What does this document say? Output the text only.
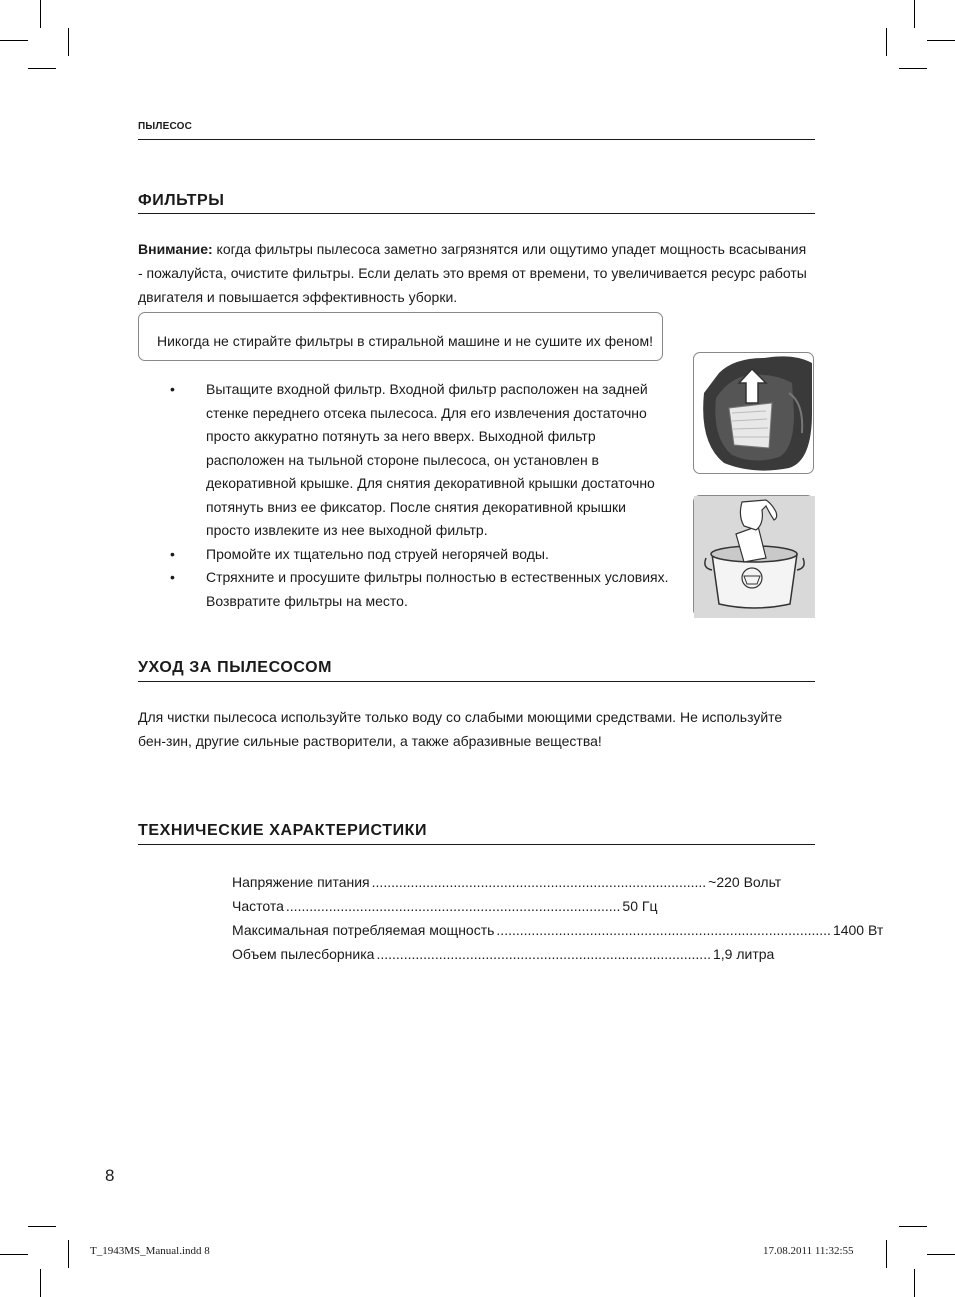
ПЫЛЕСОС
ФИЛЬТРЫ
Внимание: когда фильтры пылесоса заметно загрязнятся или ощутимо упадет мощность всасывания - пожалуйста, очистите фильтры. Если делать это время от времени, то увеличивается ресурс работы двигателя и повышается эффективность уборки.
Никогда не стирайте фильтры в стиральной машине и не сушите их феном!
• Вытащите входной фильтр. Входной фильтр расположен на задней стенке переднего отсека пылесоса. Для его извлечения достаточно просто аккуратно потянуть за него вверх. Выходной фильтр расположен на тыльной стороне пылесоса, он установлен в декоративной крышке. Для снятия декоративной крышки достаточно потянуть вниз ее фиксатор. После снятия декоративной крышки просто извлеките из нее выходной фильтр.
• Промойте их тщательно под струей негорячей воды.
• Стряхните и просушите фильтры полностью в естественных условиях. Возвратите фильтры на место.
УХОД ЗА ПЫЛЕСОСОМ
Для чистки пылесоса используйте только воду со слабыми моющими средствами. Не используйте бен-зин, другие сильные растворители, а также абразивные вещества!
ТЕХНИЧЕСКИЕ ХАРАКТЕРИСТИКИ
Напряжение питания ...................................................................................... ~220 Вольт
Частота ...................................................................................... 50 Гц
Максимальная потребляемая мощность ...................................................................................... 1400 Вт
Объем пылесборника ...................................................................................... 1,9 литра
8
T_1943MS_Manual.indd 8	17.08.2011 11:32:55
